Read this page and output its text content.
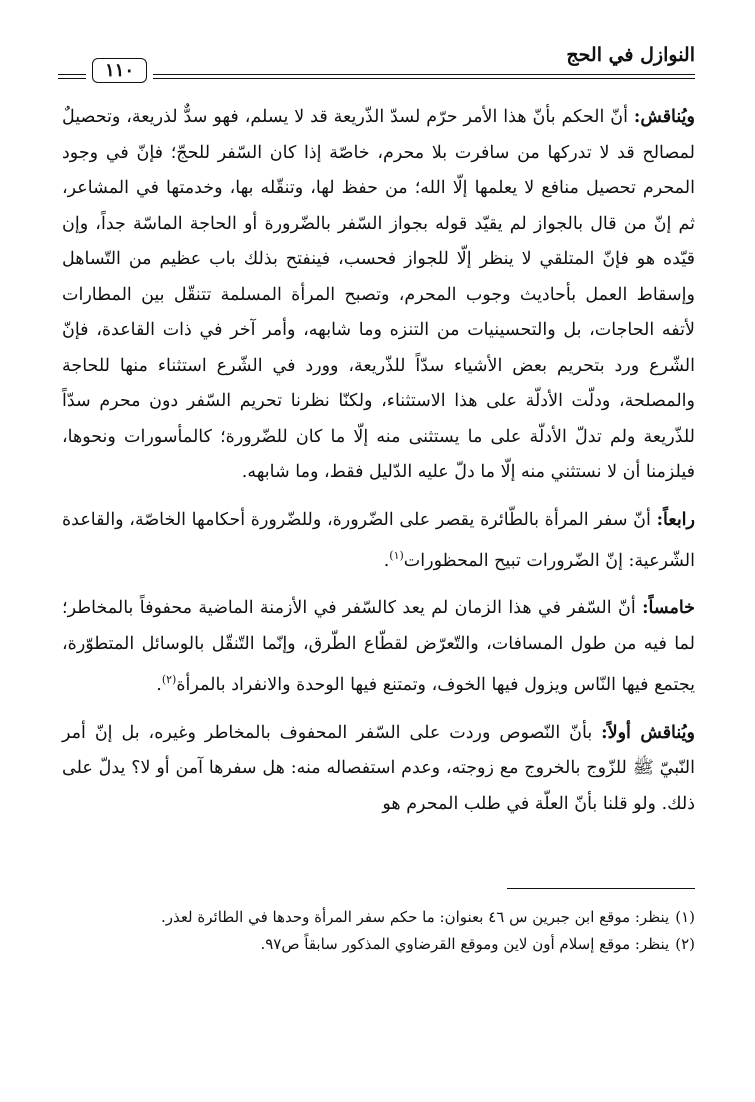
النوازل في الحج
١١٠

ويُناقش: أنّ الحكم بأنّ هذا الأمر حرّم لسدّ الذّريعة قد لا يسلم، فهو سدٌّ لذريعة، وتحصيلٌ لمصالح قد لا تدركها من سافرت بلا محرم، خاصّة إذا كان السّفر للحجّ؛ فإنّ في وجود المحرم تحصيل منافع لا يعلمها إلّا الله؛ من حفظ لها، وتنقّله بها، وخدمتها في المشاعر، ثم إنّ من قال بالجواز لم يقيّد قوله بجواز السّفر بالضّرورة أو الحاجة الماسّة جداً، وإن قيّده هو فإنّ المتلقي لا ينظر إلّا للجواز فحسب، فينفتح بذلك باب عظيم من التّساهل وإسقاط العمل بأحاديث وجوب المحرم، وتصبح المرأة المسلمة تتنقّل بين المطارات لأتفه الحاجات، بل والتحسينيات من التنزه وما شابهه، وأمر آخر في ذات القاعدة، فإنّ الشّرع ورد بتحريم بعض الأشياء سدّاً للذّريعة، وورد في الشّرع استثناء منها للحاجة والمصلحة، ودلّت الأدلّة على هذا الاستثناء، ولكنّا نظرنا تحريم السّفر دون محرم سدّاً للذّريعة ولم تدلّ الأدلّة على ما يستثنى منه إلّا ما كان للضّرورة؛ كالمأسورات ونحوها، فيلزمنا أن لا نستثني منه إلّا ما دلّ عليه الدّليل فقط، وما شابهه.

رابعاً: أنّ سفر المرأة بالطّائرة يقصر على الضّرورة، وللضّرورة أحكامها الخاصّة، والقاعدة الشّرعية: إنّ الضّرورات تبيح المحظورات$^{(١)}$.

خامساً: أنّ السّفر في هذا الزمان لم يعد كالسّفر في الأزمنة الماضية محفوفاً بالمخاطر؛ لما فيه من طول المسافات، والتّعرّض لقطّاع الطّرق، وإنّما التّنقّل بالوسائل المتطوّرة، يجتمع فيها النّاس ويزول فيها الخوف، وتمتنع فيها الوحدة والانفراد بالمرأة$^{(٢)}$.

ويُناقش أولاً: بأنّ النّصوص وردت على السّفر المحفوف بالمخاطر وغيره، بل إنّ أمر النّبيّ ﷺ للزّوج بالخروج مع زوجته، وعدم استفصاله منه: هل سفرها آمن أو لا؟ يدلّ على ذلك. ولو قلنا بأنّ العلّة في طلب المحرم هو

(١)ينظر: موقع ابن جبرين س ٤٦ بعنوان: ما حكم سفر المرأة وحدها في الطائرة لعذر.

(٢)ينظر: موقع إسلام أون لاين وموقع القرضاوي المذكور سابقاً ص٩٧.
